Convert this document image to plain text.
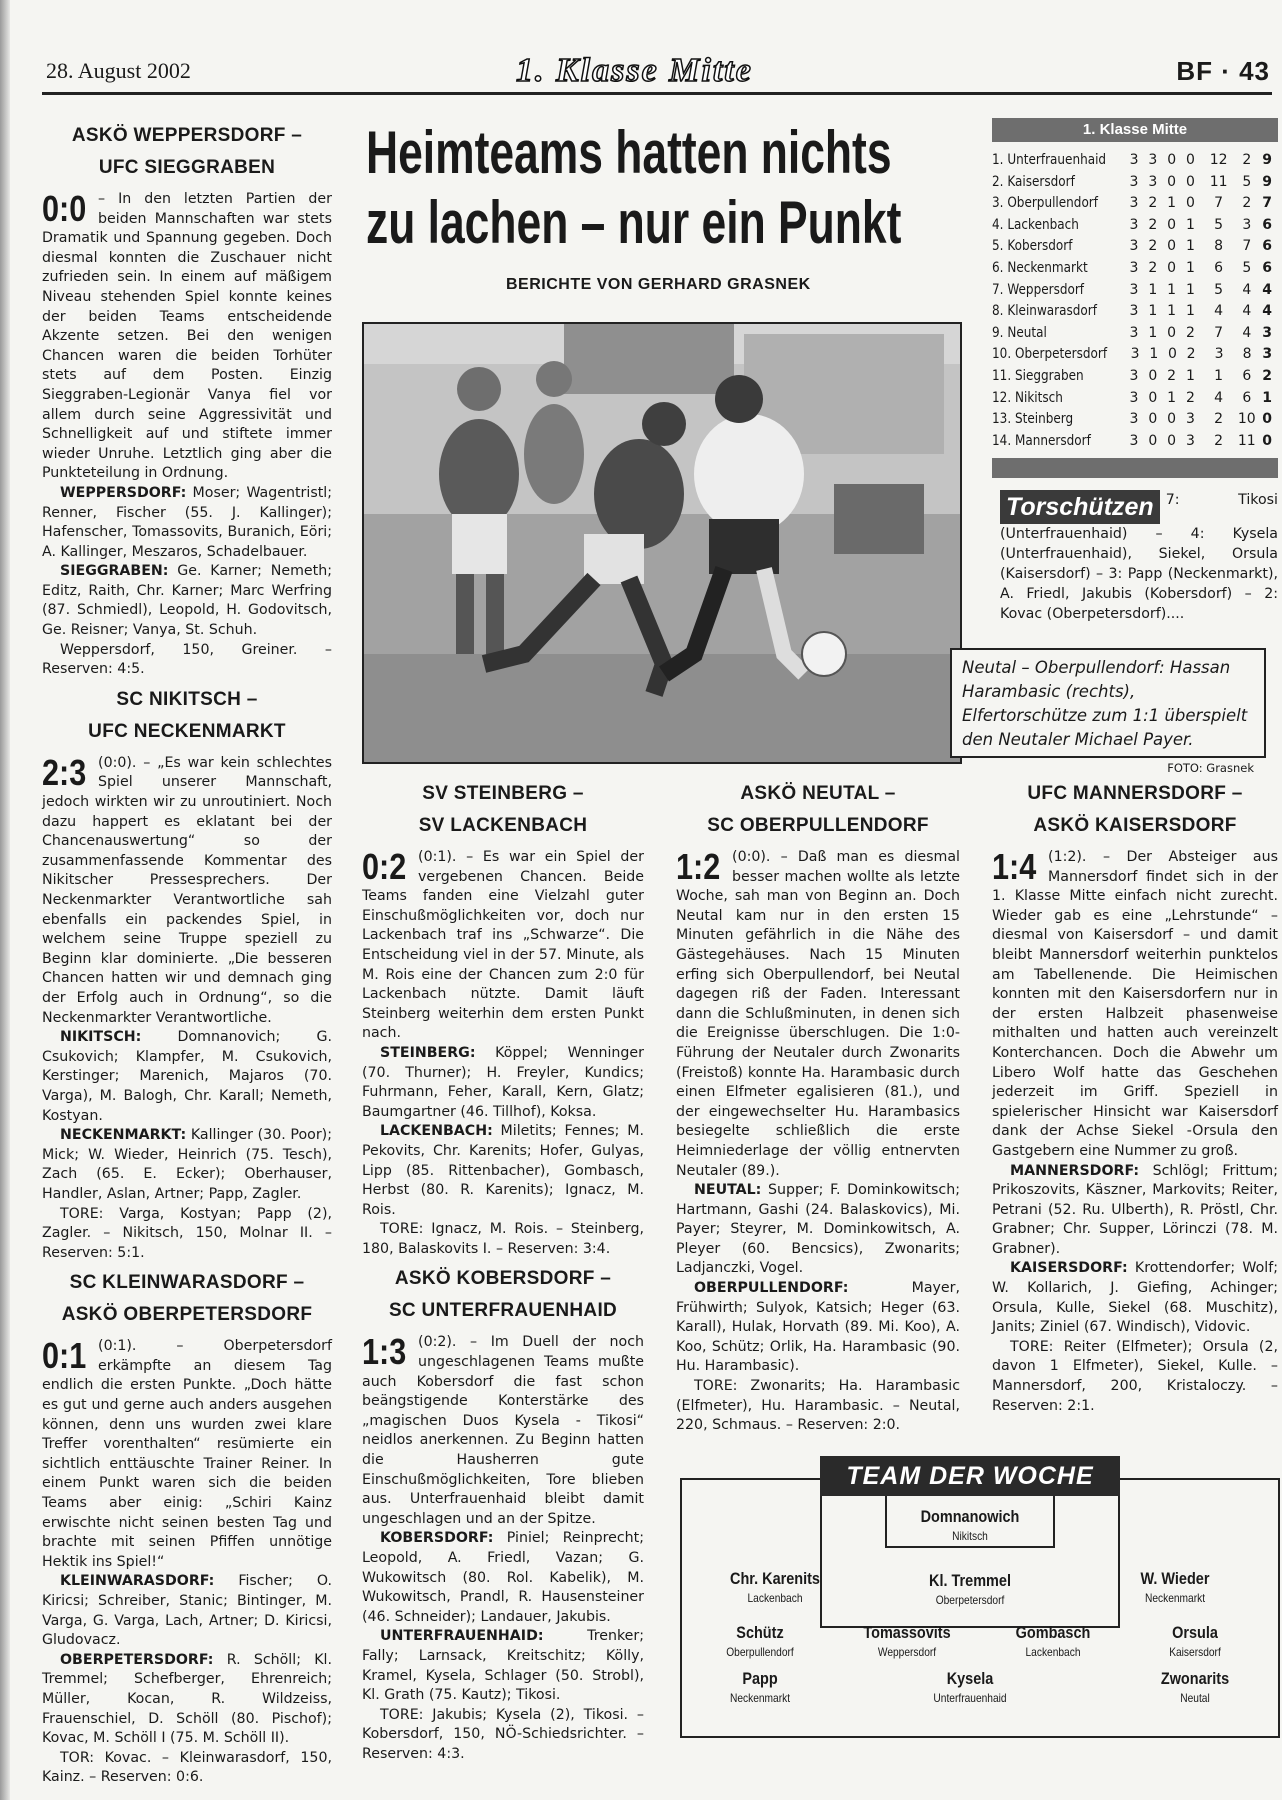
28. August 2002	1. Klasse Mitte	BF · 43
ASKÖ WEPPERSDORF –
UFC SIEGGRABEN

0:0 – In den letzten Partien der beiden Mannschaften war stets Dramatik und Spannung gegeben. Doch diesmal konnten die Zuschauer nicht zufrieden sein. In einem auf mäßigem Niveau stehenden Spiel konnte keines der beiden Teams entscheidende Akzente setzen. Bei den wenigen Chancen waren die beiden Torhüter stets auf dem Posten. Einzig Sieggraben-Legionär Vanya fiel vor allem durch seine Aggressivität und Schnelligkeit auf und stiftete immer wieder Unruhe. Letztlich ging aber die Punkteteilung in Ordnung.

WEPPERSDORF: Moser; Wagentristl; Renner, Fischer (55. J. Kallinger); Hafenscher, Tomassovits, Buranich, Eöri; A. Kallinger, Meszaros, Schadelbauer.

SIEGGRABEN: Ge. Karner; Nemeth; Editz, Raith, Chr. Karner; Marc Werfring (87. Schmiedl), Leopold, H. Godovitsch, Ge. Reisner; Vanya, St. Schuh.

Weppersdorf, 150, Greiner. – Reserven: 4:5.

SC NIKITSCH –
UFC NECKENMARKT

2:3 (0:0). – „Es war kein schlechtes Spiel unserer Mannschaft, jedoch wirkten wir zu unroutiniert. Noch dazu happert es eklatant bei der Chancenauswertung“ so der zusammenfassende Kommentar des Nikitscher Pressesprechers. Der Neckenmarkter Verantwortliche sah ebenfalls ein packendes Spiel, in welchem seine Truppe speziell zu Beginn klar dominierte. „Die besseren Chancen hatten wir und demnach ging der Erfolg auch in Ordnung“, so die Neckenmarkter Verantwortliche.

NIKITSCH: Domnanovich; G. Csukovich; Klampfer, M. Csukovich, Kerstinger; Marenich, Majaros (70. Varga), M. Balogh, Chr. Karall; Nemeth, Kostyan.

NECKENMARKT: Kallinger (30. Poor); Mick; W. Wieder, Heinrich (75. Tesch), Zach (65. E. Ecker); Oberhauser, Handler, Aslan, Artner; Papp, Zagler.

TORE: Varga, Kostyan; Papp (2), Zagler. – Nikitsch, 150, Molnar II. – Reserven: 5:1.

SC KLEINWARASDORF –
ASKÖ OBERPETERSDORF

0:1 (0:1). – Oberpetersdorf erkämpfte an diesem Tag endlich die ersten Punkte. „Doch hätte es gut und gerne auch anders ausgehen können, denn uns wurden zwei klare Treffer vorenthalten“ resümierte ein sichtlich enttäuschte Trainer Reiner. In einem Punkt waren sich die beiden Teams aber einig: „Schiri Kainz erwischte nicht seinen besten Tag und brachte mit seinen Pfiffen unnötige Hektik ins Spiel!“

KLEINWARASDORF: Fischer; O. Kiricsi; Schreiber, Stanic; Bintinger, M. Varga, G. Varga, Lach, Artner; D. Kiricsi, Gludovacz.

OBERPETERSDORF: R. Schöll; Kl. Tremmel; Schefberger, Ehrenreich; Müller, Kocan, R. Wildzeiss, Frauenschiel, D. Schöll (80. Pischof); Kovac, M. Schöll I (75. M. Schöll II).

TOR: Kovac. – Kleinwarasdorf, 150, Kainz. – Reserven: 0:6.

Heimteams hatten nichts
zu lachen – nur ein Punkt
BERICHTE VON GERHARD GRASNEK
Neutal – Oberpullendorf: Hassan Harambasic (rechts), Elfertorschütze zum 1:1 überspielt den Neutaler Michael Payer.
FOTO: Grasnek
1. Klasse Mitte
1. Unterfrauenhaid	3 3 0 0	12	2 9
2. Kaisersdorf	3 3 0 0	11	5 9
3. Oberpullendorf	3 2 1 0	7	2 7
4. Lackenbach	3 2 0 1	5	3 6
5. Kobersdorf	3 2 0 1	8	7 6
6. Neckenmarkt	3 2 0 1	6	5 6
7. Weppersdorf	3 1 1 1	5	4 4
8. Kleinwarasdorf	3 1 1 1	4	4 4
9. Neutal	3 1 0 2	7	4 3
10. Oberpetersdorf	3 1 0 2	3	8 3
11. Sieggraben	3 0 2 1	1	6 2
12. Nikitsch	3 0 1 2	4	6 1
13. Steinberg	3 0 0 3	2	10 0
14. Mannersdorf	3 0 0 3	2	11 0
Torschützen 7: Tikosi (Unterfrauenhaid) – 4: Kysela (Unterfrauenhaid), Siekel, Orsula (Kaisersdorf) – 3: Papp (Neckenmarkt), A. Friedl, Jakubis (Kobersdorf) – 2: Kovac (Oberpetersdorf)....
SV STEINBERG –
SV LACKENBACH

0:2 (0:1). – Es war ein Spiel der vergebenen Chancen. Beide Teams fanden eine Vielzahl guter Einschußmöglichkeiten vor, doch nur Lackenbach traf ins „Schwarze“. Die Entscheidung viel in der 57. Minute, als M. Rois eine der Chancen zum 2:0 für Lackenbach nützte. Damit läuft Steinberg weiterhin dem ersten Punkt nach.

STEINBERG: Köppel; Wenninger (70. Thurner); H. Freyler, Kundics; Fuhrmann, Feher, Karall, Kern, Glatz; Baumgartner (46. Tillhof), Koksa.

LACKENBACH: Miletits; Fennes; M. Pekovits, Chr. Karenits; Hofer, Gulyas, Lipp (85. Rittenbacher), Gombasch, Herbst (80. R. Karenits); Ignacz, M. Rois.

TORE: Ignacz, M. Rois. – Steinberg, 180, Balaskovits I. – Reserven: 3:4.

ASKÖ KOBERSDORF –
SC UNTERFRAUENHAID

1:3 (0:2). – Im Duell der noch ungeschlagenen Teams mußte auch Kobersdorf die fast schon beängstigende Konterstärke des „magischen Duos Kysela - Tikosi“ neidlos anerkennen. Zu Beginn hatten die Hausherren gute Einschußmöglichkeiten, Tore blieben aus. Unterfrauenhaid bleibt damit ungeschlagen und an der Spitze.

KOBERSDORF: Piniel; Reinprecht; Leopold, A. Friedl, Vazan; G. Wukowitsch (80. Rol. Kabelik), M. Wukowitsch, Prandl, R. Hausensteiner (46. Schneider); Landauer, Jakubis.

UNTERFRAUENHAID: Trenker; Fally; Larnsack, Kreitschitz; Kölly, Kramel, Kysela, Schlager (50. Strobl), Kl. Grath (75. Kautz); Tikosi.

TORE: Jakubis; Kysela (2), Tikosi. – Kobersdorf, 150, NÖ-Schiedsrichter. – Reserven: 4:3.

ASKÖ NEUTAL –
SC OBERPULLENDORF

1:2 (0:0). – Daß man es diesmal besser machen wollte als letzte Woche, sah man von Beginn an. Doch Neutal kam nur in den ersten 15 Minuten gefährlich in die Nähe des Gästegehäuses. Nach 15 Minuten erfing sich Oberpullendorf, bei Neutal dagegen riß der Faden. Interessant dann die Schlußminuten, in denen sich die Ereignisse überschlugen. Die 1:0-Führung der Neutaler durch Zwonarits (Freistoß) konnte Ha. Harambasic durch einen Elfmeter egalisieren (81.), und der eingewechselter Hu. Harambasics besiegelte schließlich die erste Heimniederlage der völlig entnervten Neutaler (89.).

NEUTAL: Supper; F. Dominkowitsch; Hartmann, Gashi (24. Balaskovics), Mi. Payer; Steyrer, M. Dominkowitsch, A. Pleyer (60. Bencsics), Zwonarits; Ladjanczki, Vogel.

OBERPULLENDORF: Mayer, Frühwirth; Sulyok, Katsich; Heger (63. Karall), Hulak, Horvath (89. Mi. Koo), A. Koo, Schütz; Orlik, Ha. Harambasic (90. Hu. Harambasic).

TORE: Zwonarits; Ha. Harambasic (Elfmeter), Hu. Harambasic. – Neutal, 220, Schmaus. – Reserven: 2:0.

UFC MANNERSDORF –
ASKÖ KAISERSDORF

1:4 (1:2). – Der Absteiger aus Mannersdorf findet sich in der 1. Klasse Mitte einfach nicht zurecht. Wieder gab es eine „Lehrstunde“ – diesmal von Kaisersdorf – und damit bleibt Mannersdorf weiterhin punktelos am Tabellenende. Die Heimischen konnten mit den Kaisersdorfern nur in der ersten Halbzeit phasenweise mithalten und hatten auch vereinzelt Konterchancen. Doch die Abwehr um Libero Wolf hatte das Geschehen jederzeit im Griff. Speziell in spielerischer Hinsicht war Kaisersdorf dank der Achse Siekel -Orsula den Gastgebern eine Nummer zu groß.

MANNERSDORF: Schlögl; Frittum; Prikoszovits, Käszner, Markovits; Reiter, Petrani (52. Ru. Ulberth), R. Pröstl, Chr. Grabner; Chr. Supper, Lörinczi (78. M. Grabner).

KAISERSDORF: Krottendorfer; Wolf; W. Kollarich, J. Giefing, Achinger; Orsula, Kulle, Siekel (68. Muschitz), Janits; Ziniel (67. Windisch), Vidovic.

TORE: Reiter (Elfmeter); Orsula (2, davon 1 Elfmeter), Siekel, Kulle. – Mannersdorf, 200, Kristaloczy. – Reserven: 2:1.

TEAM DER WOCHE
Domnanowich
Nikitsch
Chr. Karenits
Lackenbach
Kl. Tremmel
Oberpetersdorf
W. Wieder
Neckenmarkt
Schütz
Oberpullendorf
Tomassovits
Weppersdorf
Gombasch
Lackenbach
Orsula
Kaisersdorf
Papp
Neckenmarkt
Kysela
Unterfrauenhaid
Zwonarits
Neutal
